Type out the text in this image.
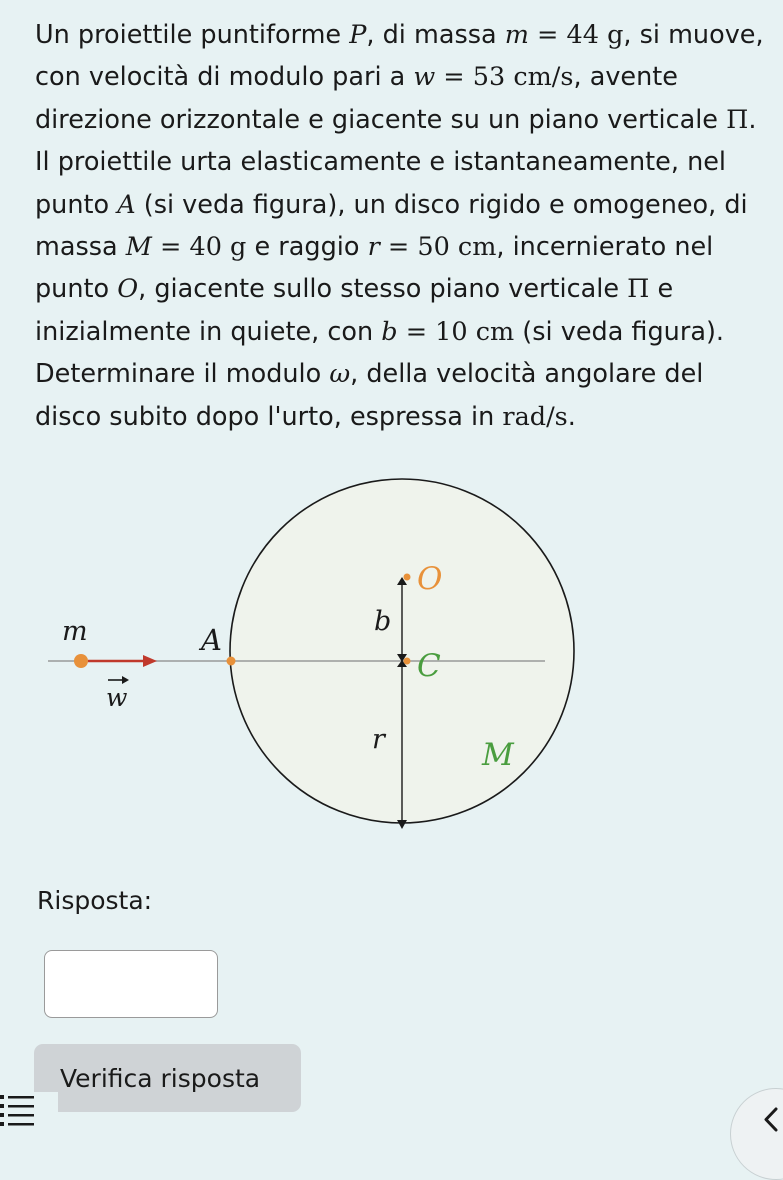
Un proiettile puntiforme P, di massa m = 44 g, si muove, con velocità di modulo pari a w = 53 cm/s, avente direzione orizzontale e giacente su un piano verticale Π. Il proiettile urta elasticamente e istantaneamente, nel punto A (si veda figura), un disco rigido e omogeneo, di massa M = 40 g e raggio r = 50 cm, incernierato nel punto O, giacente sullo stesso piano verticale Π e inizialmente in quiete, con b = 10 cm (si veda figura). Determinare il modulo ω, della velocità angolare del disco subito dopo l'urto, espressa in rad/s.

m
w
A
O
b
C
r	M
Risposta:
Verifica risposta
